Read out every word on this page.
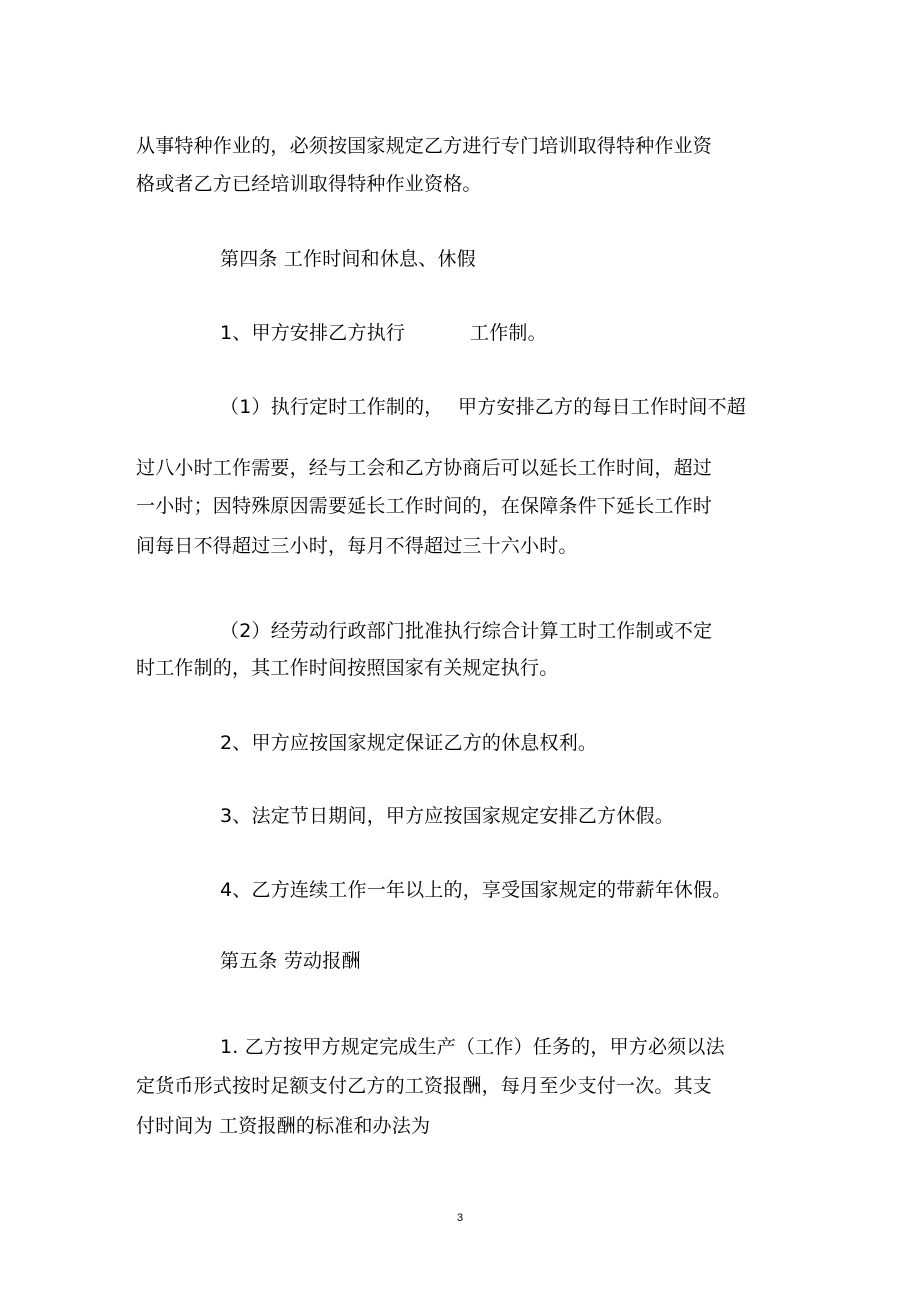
从事特种作业的，必须按国家规定乙方进行专门培训取得特种作业资
格或者乙方已经培训取得特种作业资格。
第四条 工作时间和休息、休假
1、甲方安排乙方执行	工作制。
（1）执行定时工作制的， 甲方安排乙方的每日工作时间不超
过八小时工作需要，经与工会和乙方协商后可以延长工作时间，超过
一小时；因特殊原因需要延长工作时间的，在保障条件下延长工作时
间每日不得超过三小时，每月不得超过三十六小时。
（2）经劳动行政部门批准执行综合计算工时工作制或不定
时工作制的，其工作时间按照国家有关规定执行。
2、甲方应按国家规定保证乙方的休息权利。
3、法定节日期间，甲方应按国家规定安排乙方休假。
4、乙方连续工作一年以上的，享受国家规定的带薪年休假。
第五条 劳动报酬
1. 乙方按甲方规定完成生产（工作）任务的，甲方必须以法
定货币形式按时足额支付乙方的工资报酬，每月至少支付一次。其支
付时间为 工资报酬的标准和办法为
3
